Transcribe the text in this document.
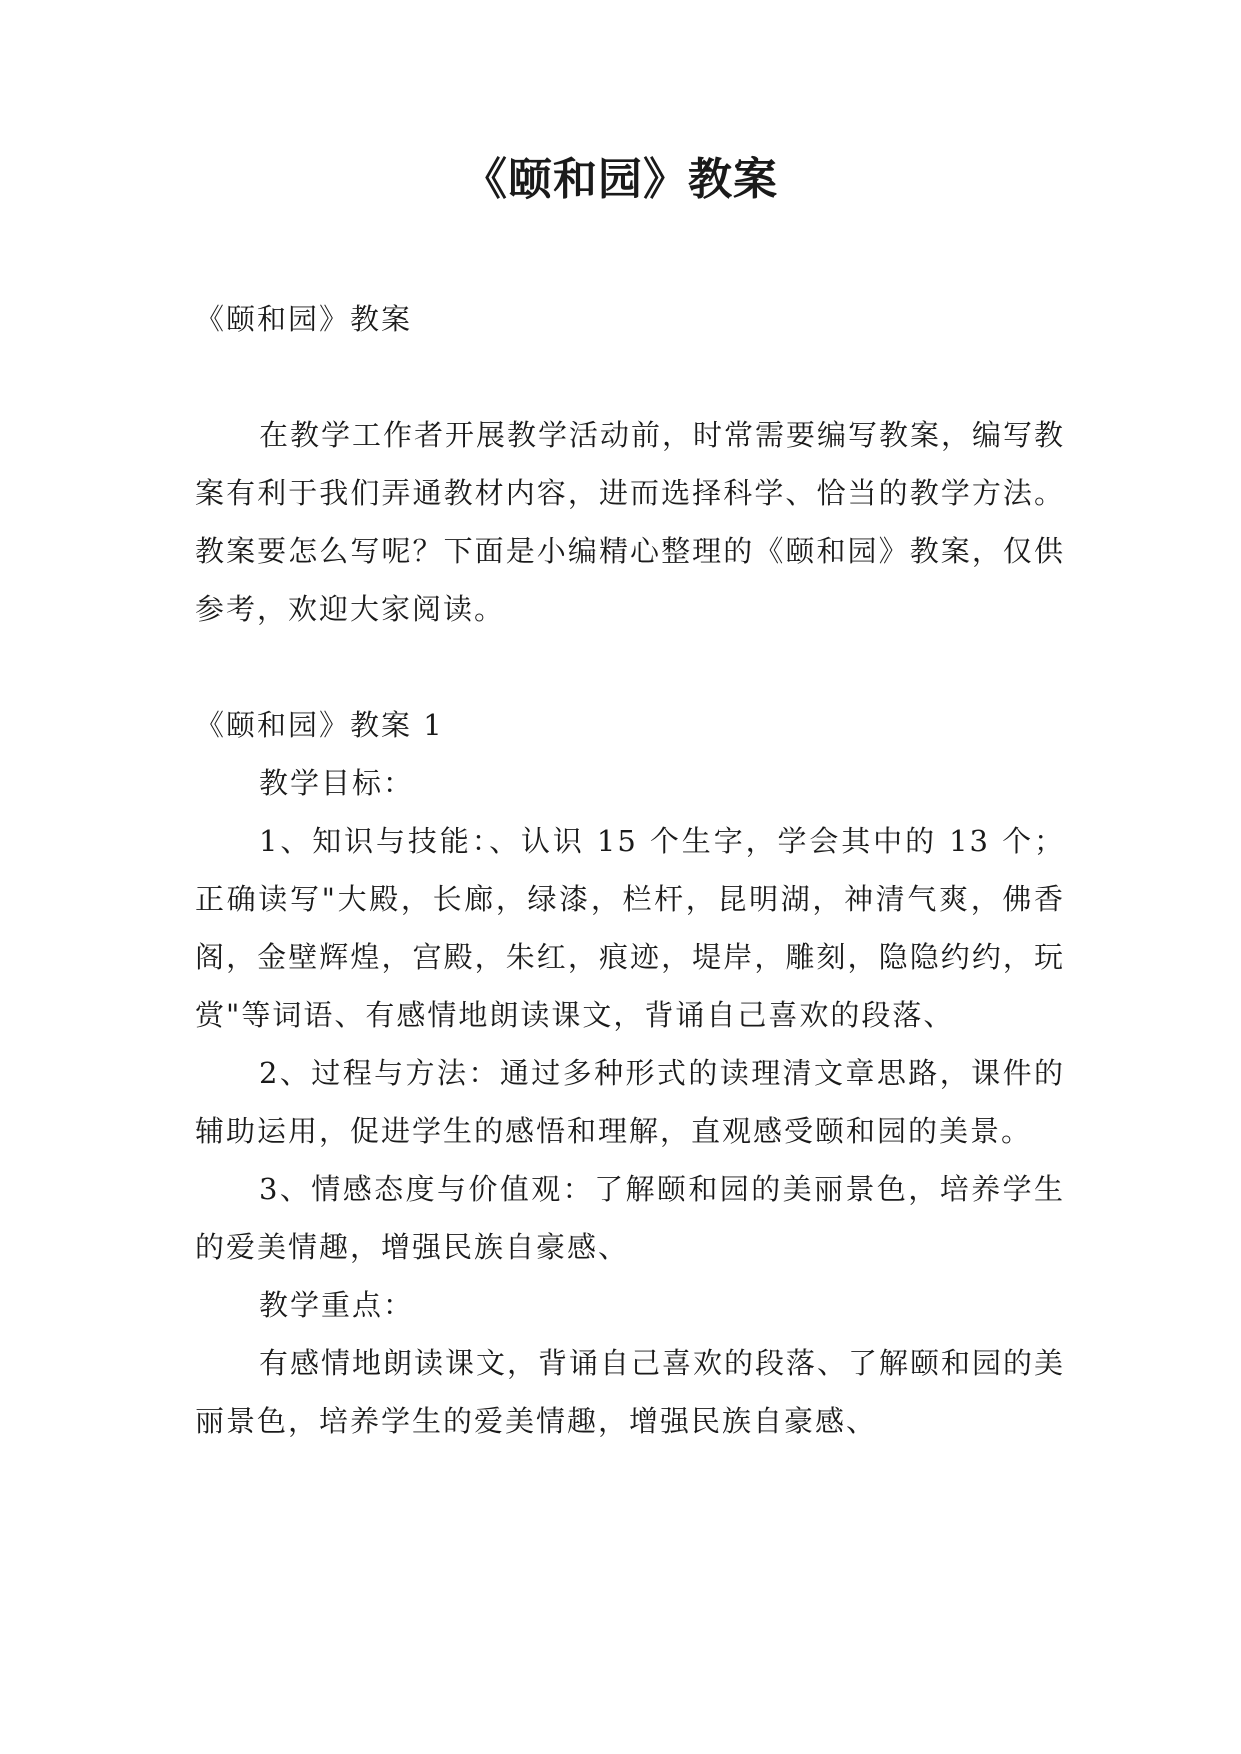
《颐和园》教案

《颐和园》教案

在教学工作者开展教学活动前，时常需要编写教案，编写教案有利于我们弄通教材内容，进而选择科学、恰当的教学方法。教案要怎么写呢？下面是小编精心整理的《颐和园》教案，仅供参考，欢迎大家阅读。

《颐和园》教案 1

教学目标：

1、知识与技能：、认识 15 个生字，学会其中的 13 个；正确读写"大殿，长廊，绿漆，栏杆，昆明湖，神清气爽，佛香阁，金壁辉煌，宫殿，朱红，痕迹，堤岸，雕刻，隐隐约约，玩赏"等词语、有感情地朗读课文，背诵自己喜欢的段落、

2、过程与方法：通过多种形式的读理清文章思路，课件的辅助运用，促进学生的感悟和理解，直观感受颐和园的美景。

3、情感态度与价值观：了解颐和园的美丽景色，培养学生的爱美情趣，增强民族自豪感、

教学重点：

有感情地朗读课文，背诵自己喜欢的段落、了解颐和园的美丽景色，培养学生的爱美情趣，增强民族自豪感、
